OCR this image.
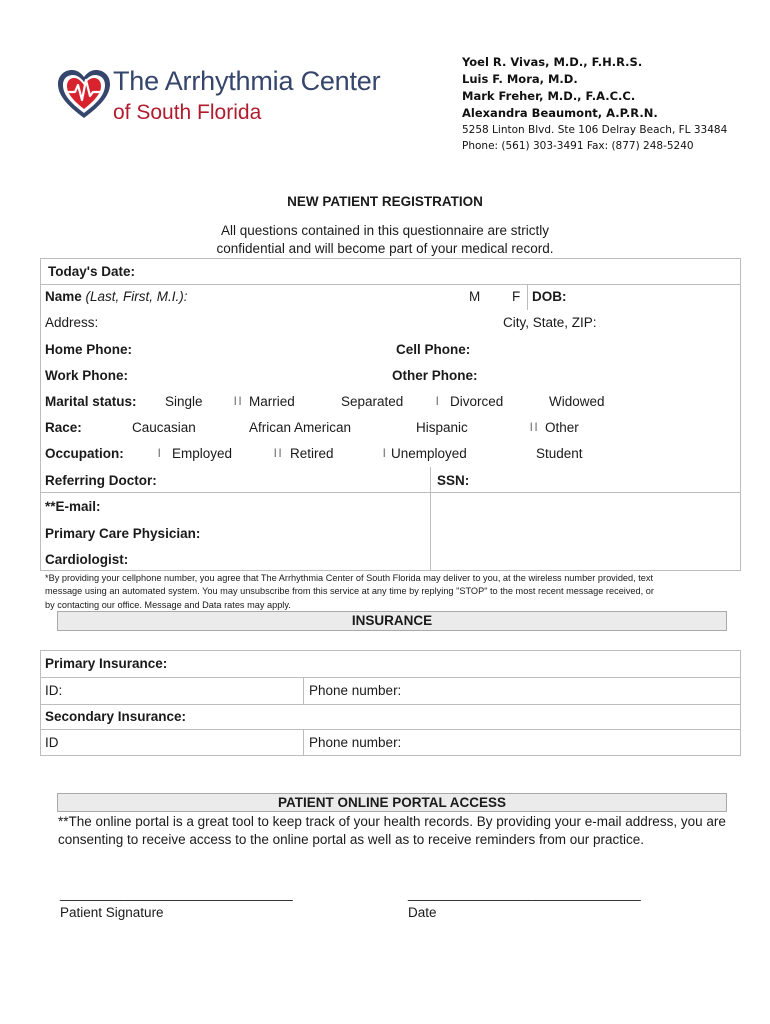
The Arrhythmia Center
of South Florida
Yoel R. Vivas, M.D., F.H.R.S.
Luis F. Mora, M.D.
Mark Freher, M.D., F.A.C.C.
Alexandra Beaumont, A.P.R.N.
5258 Linton Blvd. Ste 106 Delray Beach, FL 33484
Phone: (561) 303-3491 Fax: (877) 248-5240
NEW PATIENT REGISTRATION
All questions contained in this questionnaire are strictly
confidential and will become part of your medical record.
Today's Date:
Name (Last, First, M.I.):	M F DOB:
Address:	City, State, ZIP:
Home Phone:	Cell Phone:
Work Phone:	Other Phone:
Marital status: Single	| | Married	Separated	| Divorced	Widowed
Race:	Caucasian	African American	Hispanic	| | Other
Occupation:	| Employed	| | Retired	| Unemployed	Student
Referring Doctor:	SSN:
**E-mail:
Primary Care Physician:
Cardiologist:
*By providing your cellphone number, you agree that The Arrhythmia Center of South Florida may deliver to you, at the wireless number provided, text
message using an automated system. You may unsubscribe from this service at any time by replying "STOP" to the most recent message received, or
by contacting our office. Message and Data rates may apply.
INSURANCE
Primary Insurance:
ID:	Phone number:
Secondary Insurance:
ID	Phone number:
PATIENT ONLINE PORTAL ACCESS
**The online portal is a great tool to keep track of your health records. By providing your e-mail address, you are consenting to receive access to the online portal as well as to receive reminders from our practice.
_______________________________
Patient Signature
_______________________________
Date
